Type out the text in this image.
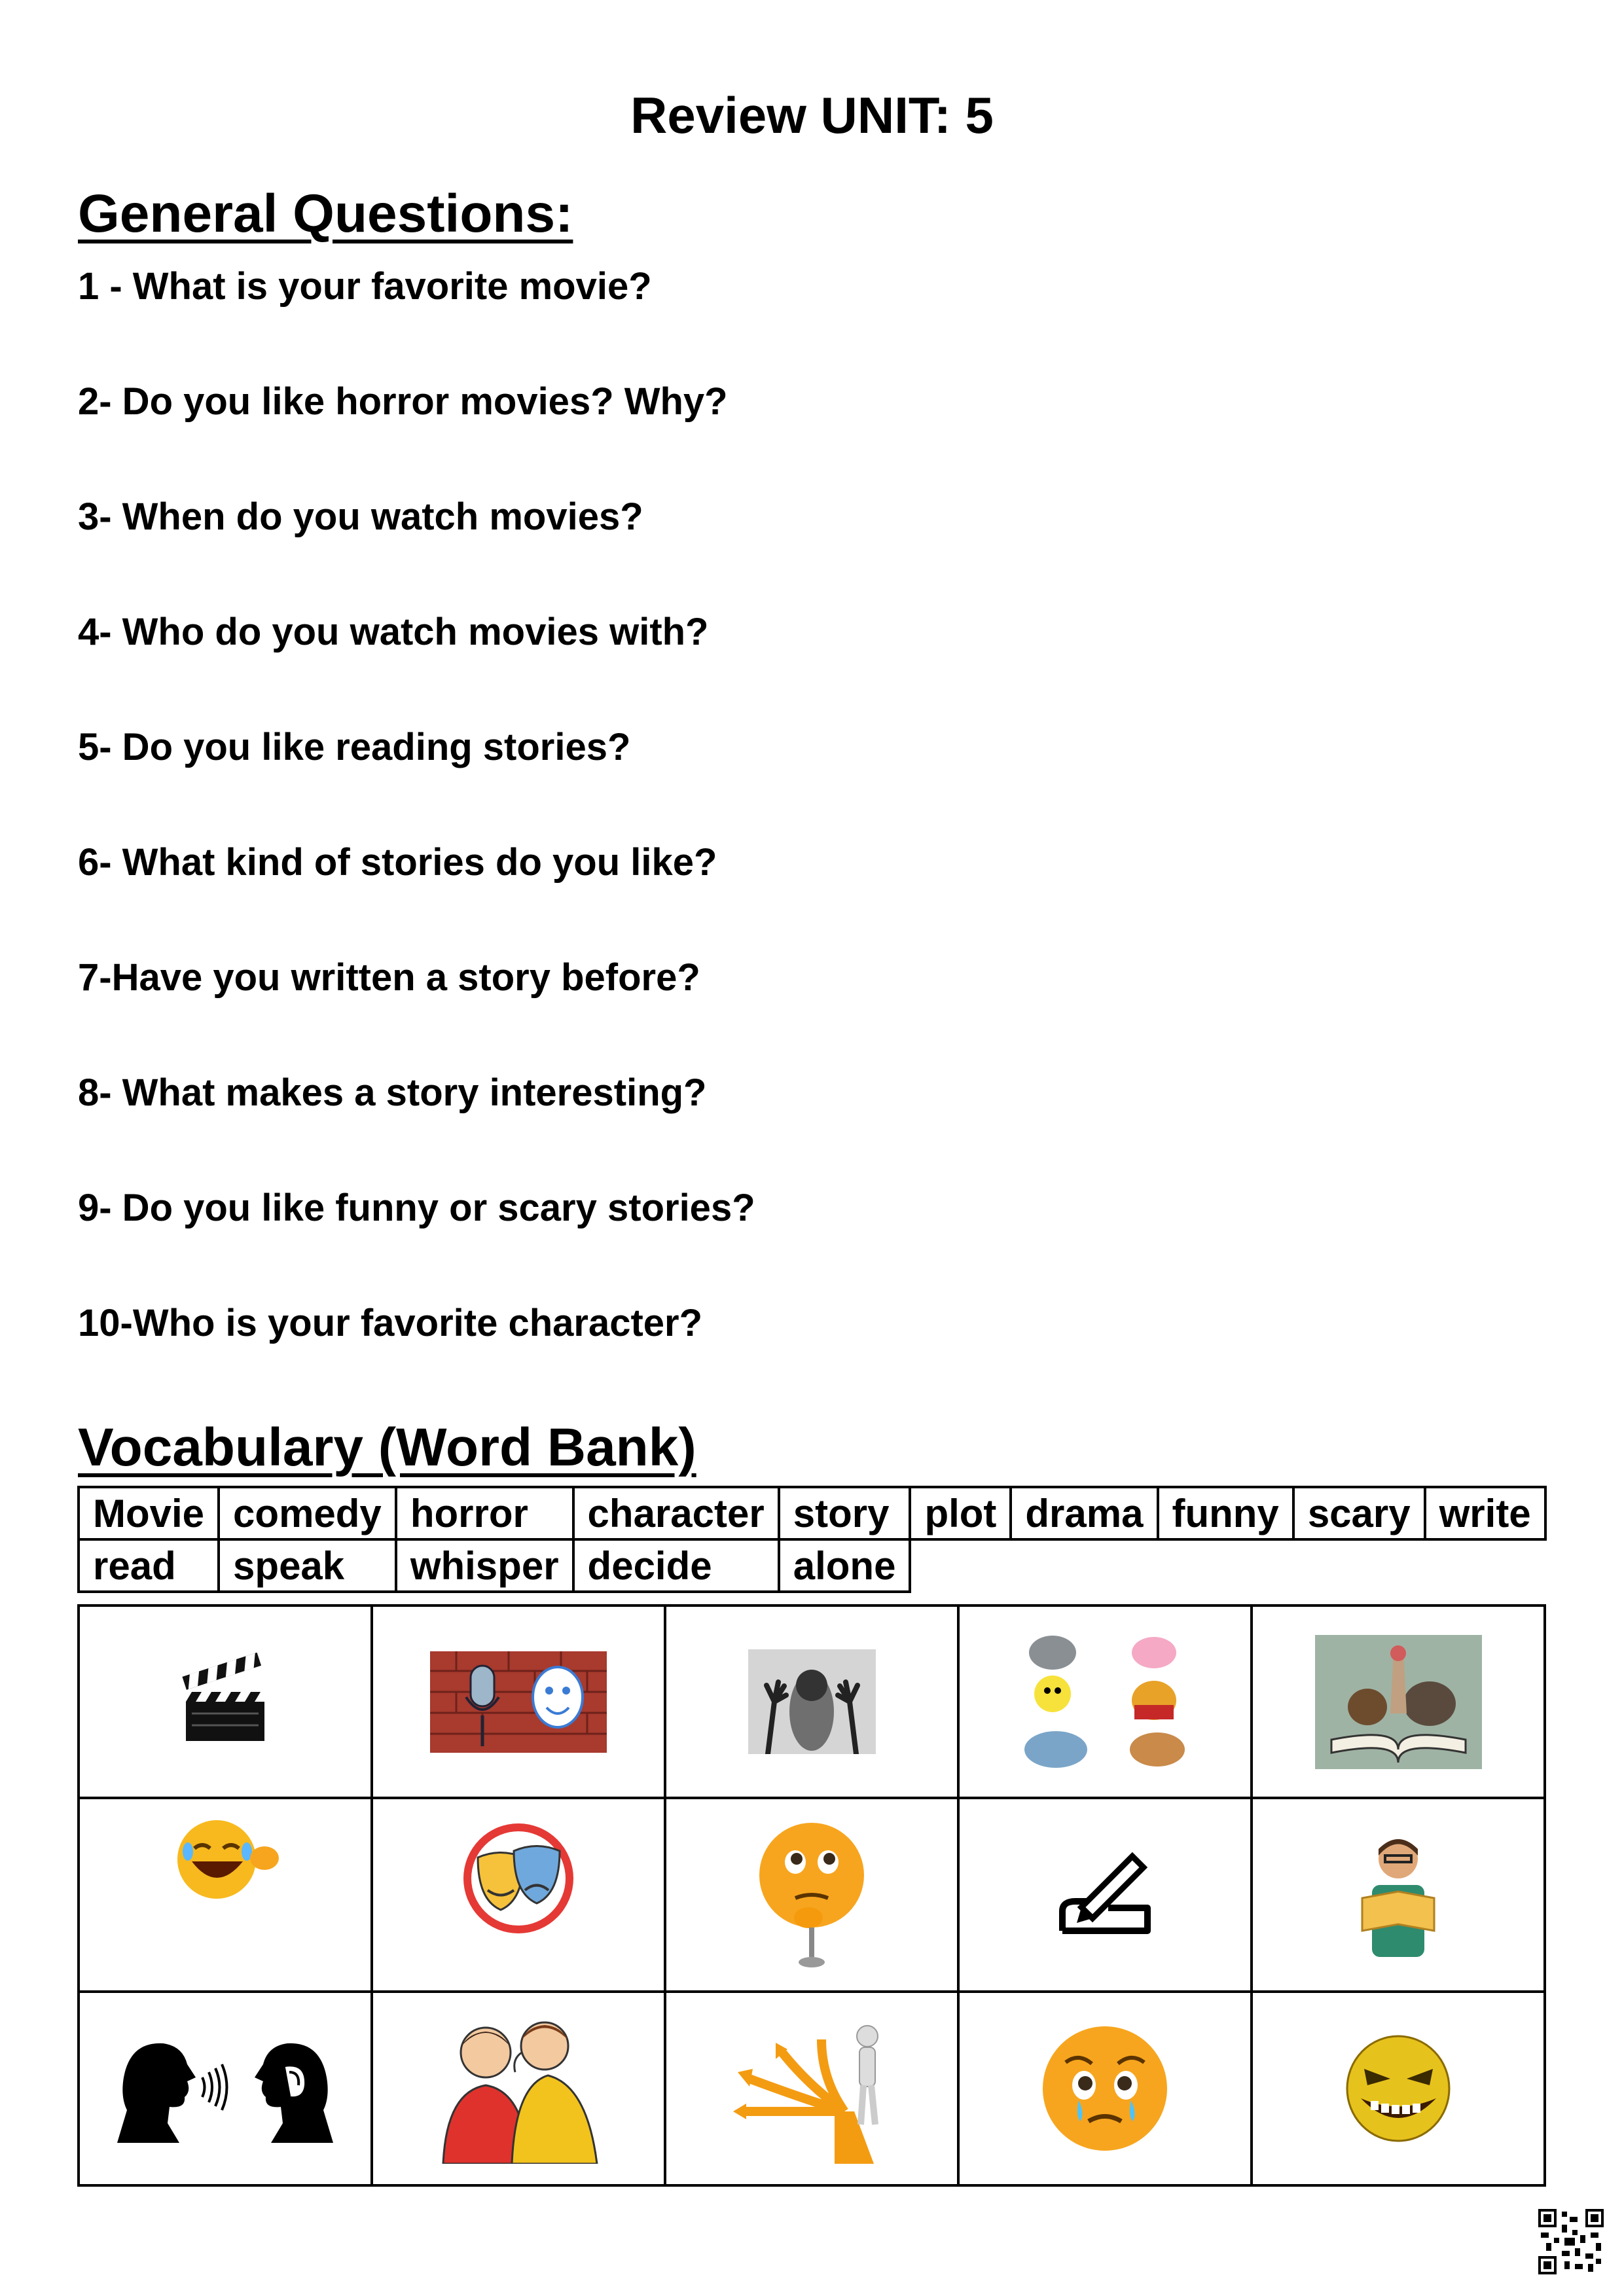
Review UNIT: 5
General Questions:
1 - What is your favorite movie?
2- Do you like horror movies? Why?
3- When do you watch movies?
4- Who do you watch movies with?
5- Do you like reading stories?
6- What kind of stories do you like?
7-Have you written a story before?
8- What makes a story interesting?
9- Do you like funny or scary stories?
10-Who is your favorite character?
Vocabulary (Word Bank)
Movie	comedy	horror	character	story	plot	drama	funny	scary	write
read	speak	whisper	decide	alone					
